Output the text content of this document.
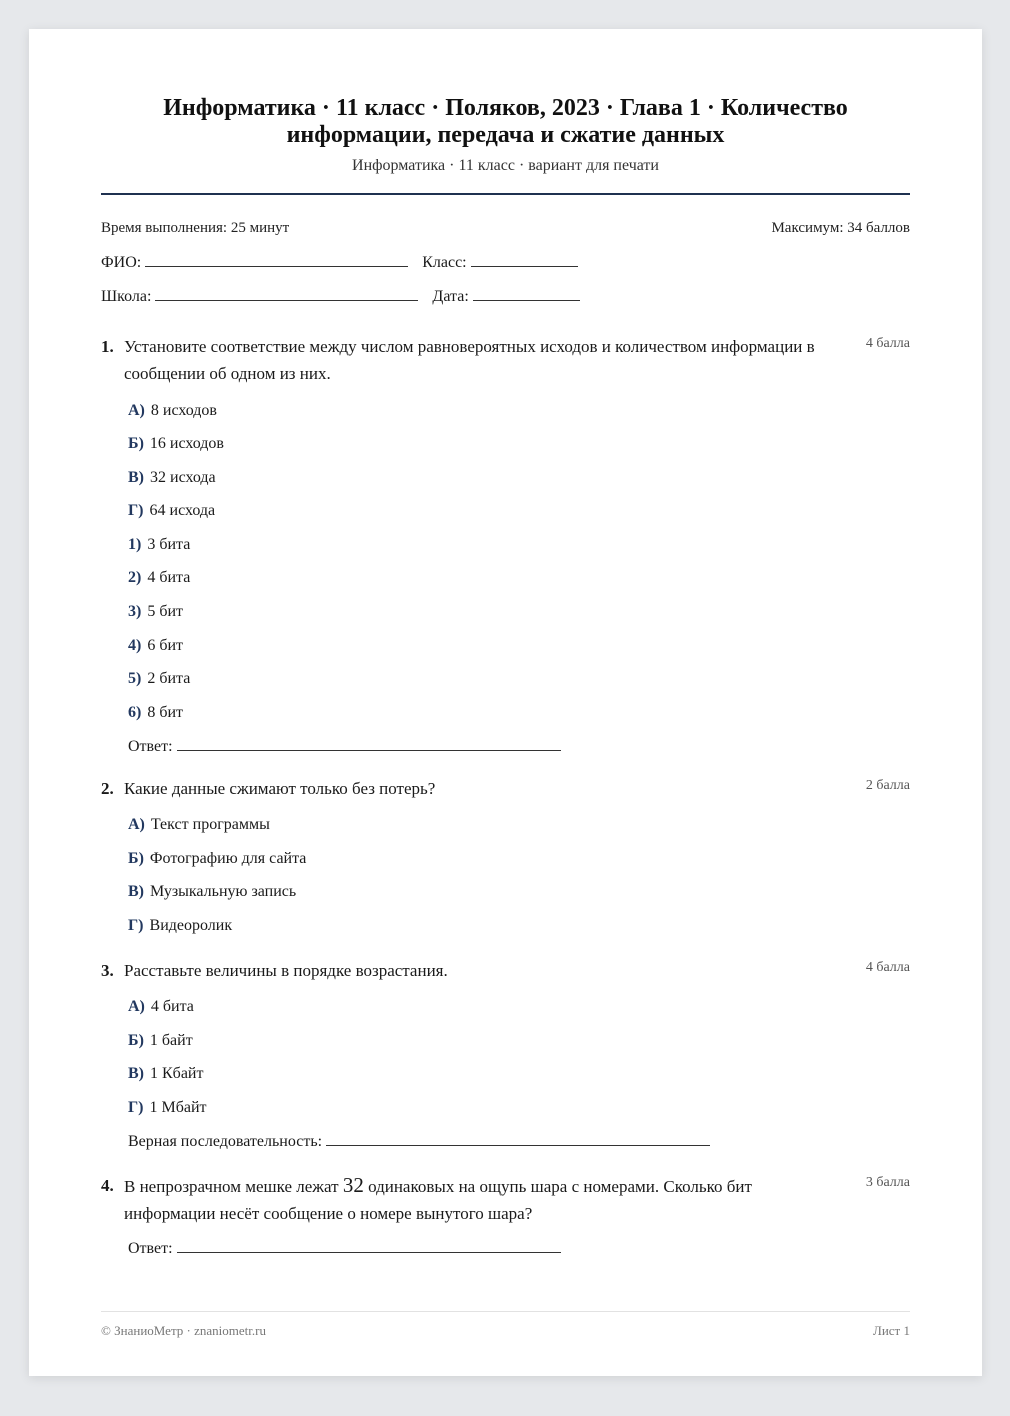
Информатика · 11 класс · Поляков, 2023 · Глава 1 · Количество информации, передача и сжатие данных
Информатика · 11 класс · вариант для печати
Время выполнения: 25 минут	Максимум: 34 баллов
ФИО:	Класс:
Школа:	Дата:
1. Установите соответствие между числом равновероятных исходов и количеством информации в сообщении об одном из них.
4 балла
А) 8 исходов
Б) 16 исходов
В) 32 исхода
Г) 64 исхода
1) 3 бита
2) 4 бита
3) 5 бит
4) 6 бит
5) 2 бита
6) 8 бит
Ответ:
2. Какие данные сжимают только без потерь?	2 балла
А) Текст программы
Б) Фотографию для сайта
В) Музыкальную запись
Г) Видеоролик
3. Расставьте величины в порядке возрастания.	4 балла
А) 4 бита
Б) 1 байт
В) 1 Кбайт
Г) 1 Мбайт
Верная последовательность:
4. В непрозрачном мешке лежат 32 одинаковых на ощупь шара с номерами. Сколько бит информации несёт сообщение о номере вынутого шара?
3 балла
Ответ:
© ЗнаниоМетр · znaniometr.ru	Лист 1
